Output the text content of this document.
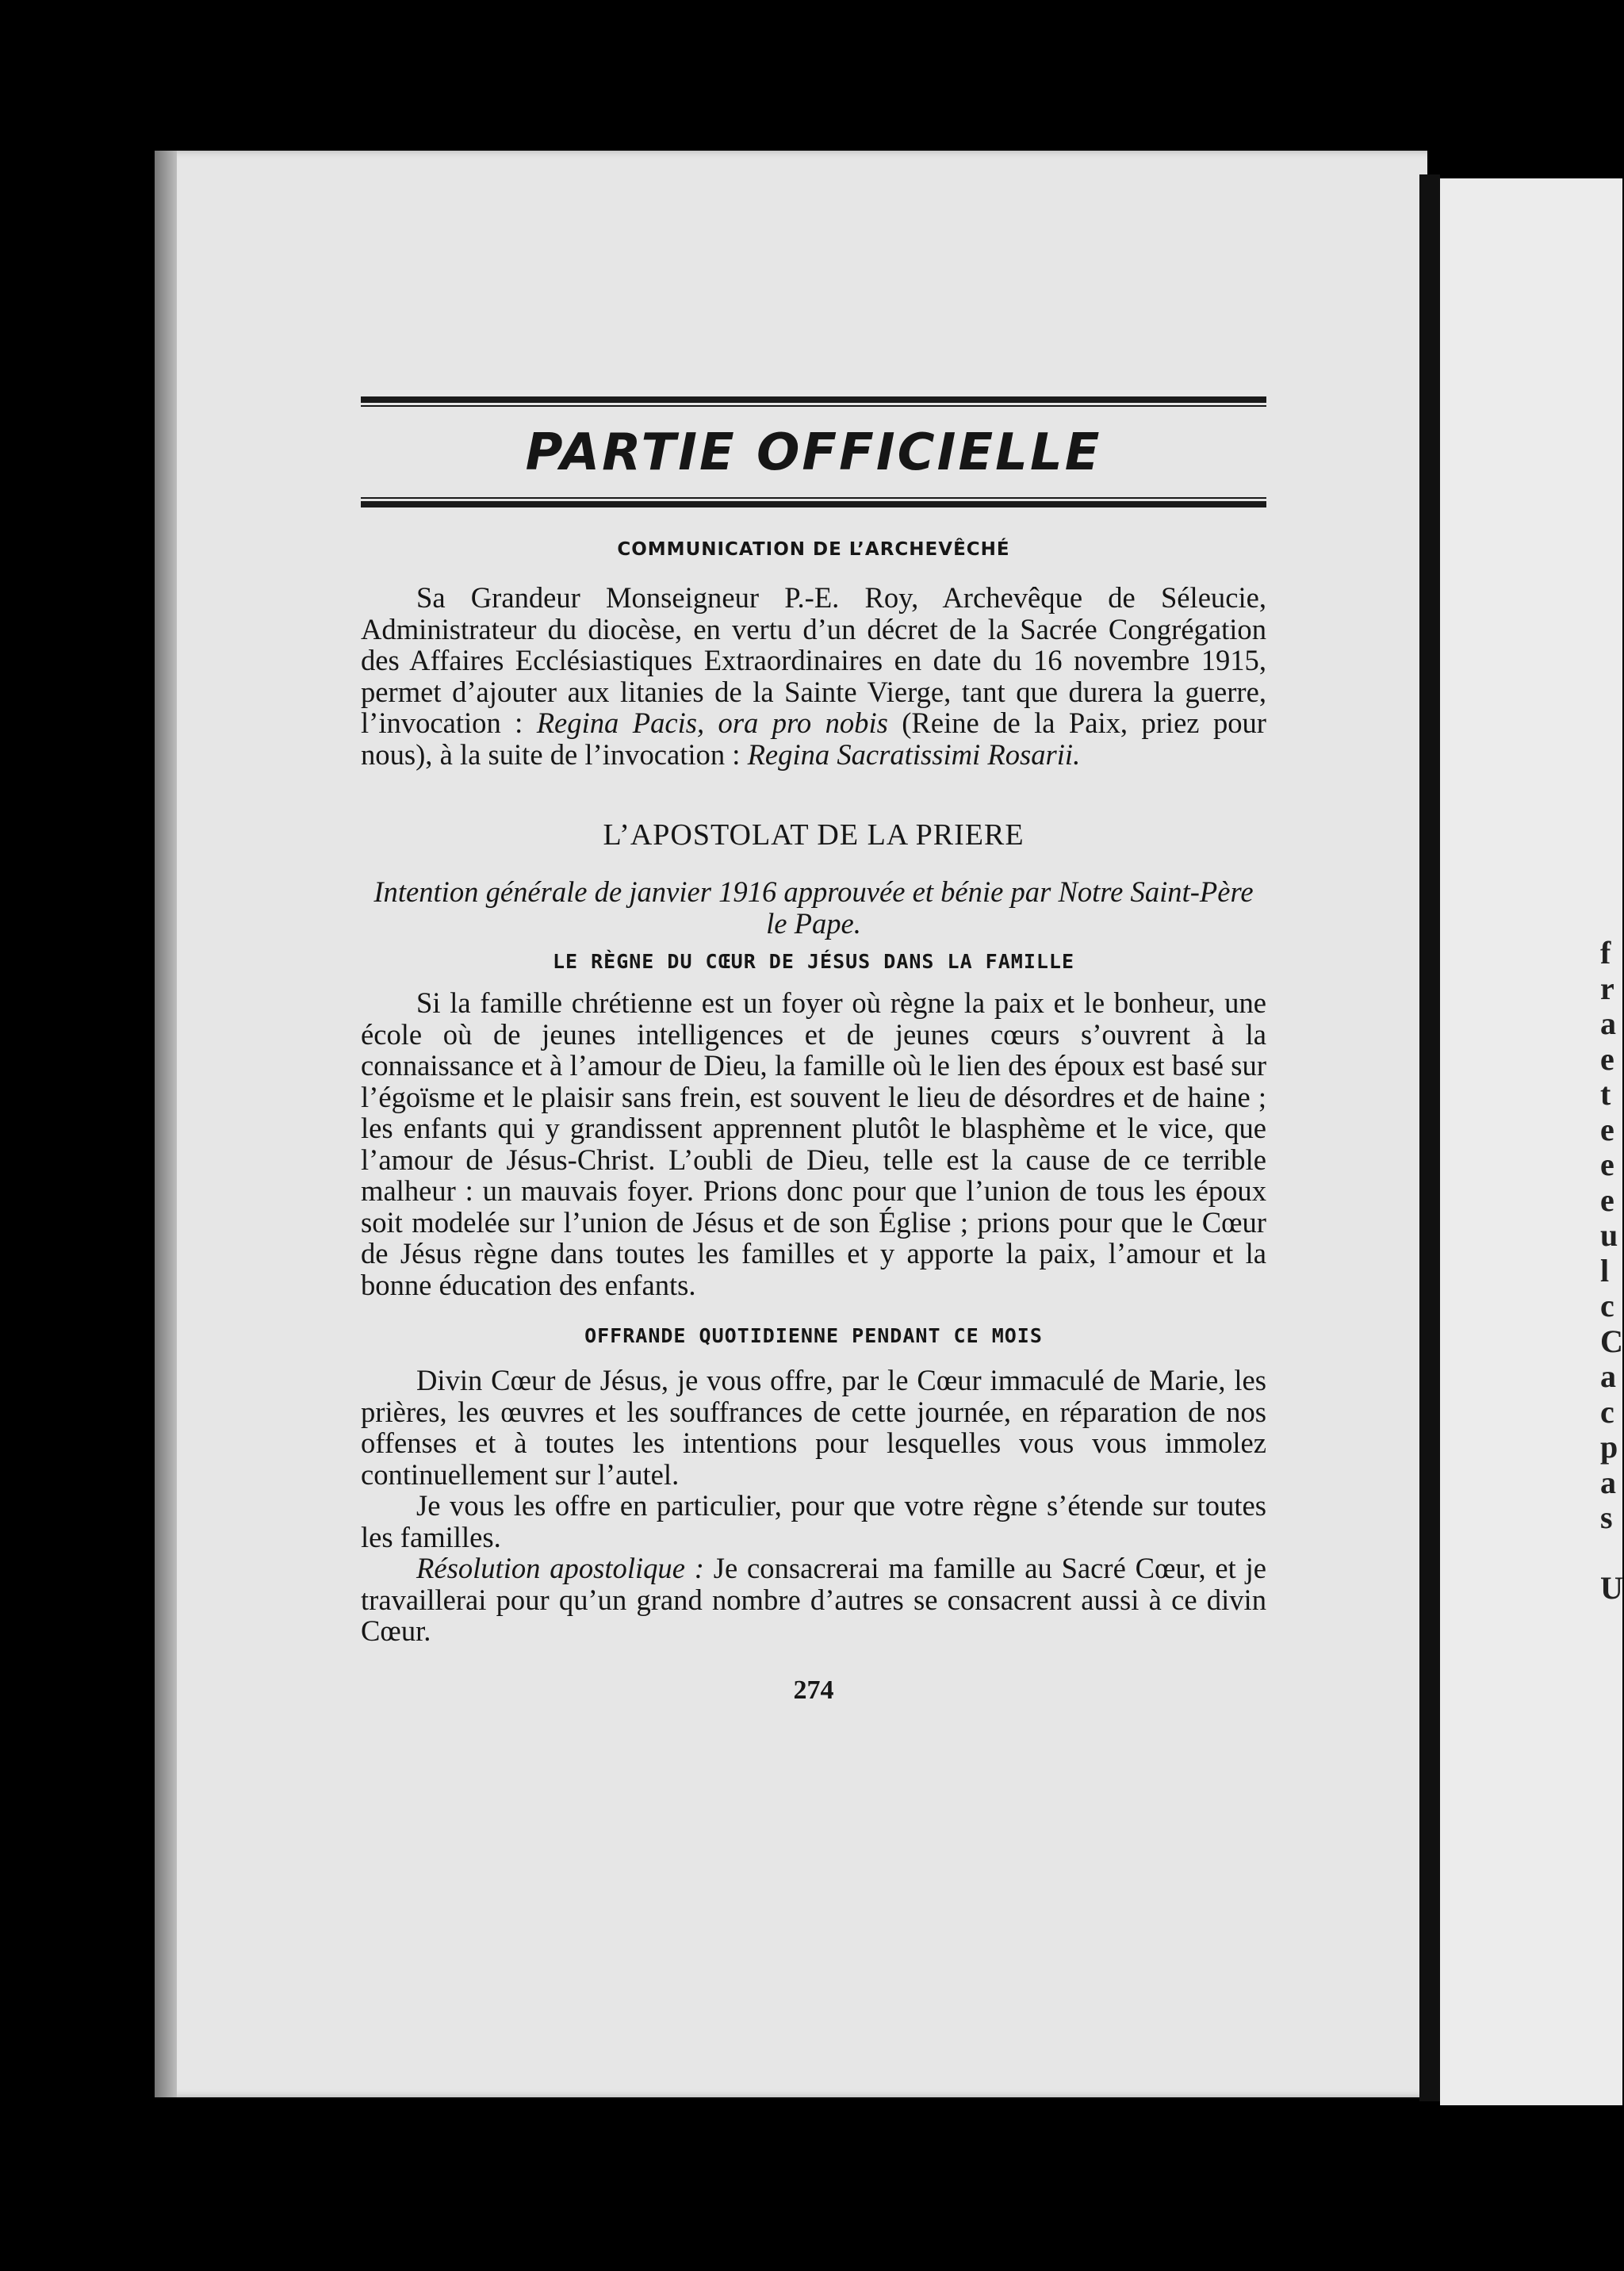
f
r
a
e
t
e
e
e
u
l
c
C
a
c
p
a
s
U
PARTIE OFFICIELLE
COMMUNICATION DE L’ARCHEVÊCHÉ

Sa Grandeur Monseigneur P.-E. Roy, Archevêque de Séleucie, Administrateur du diocèse, en vertu d’un décret de la Sacrée Congrégation des Affaires Ecclésiastiques Extraordinaires en date du 16 novembre 1915, permet d’ajouter aux litanies de la Sainte Vierge, tant que durera la guerre, l’invocation : Regina Pacis, ora pro nobis (Reine de la Paix, priez pour nous), à la suite de l’invocation : Regina Sacratissimi Rosarii.

L’APOSTOLAT DE LA PRIERE
Intention générale de janvier 1916 approuvée et bénie par Notre Saint-Père le Pape.
LE RÈGNE DU CŒUR DE JÉSUS DANS LA FAMILLE

Si la famille chrétienne est un foyer où règne la paix et le bonheur, une école où de jeunes intelligences et de jeunes cœurs s’ouvrent à la connaissance et à l’amour de Dieu, la famille où le lien des époux est basé sur l’égoïsme et le plaisir sans frein, est souvent le lieu de désordres et de haine ; les enfants qui y grandissent apprennent plutôt le blasphème et le vice, que l’amour de Jésus-Christ. L’oubli de Dieu, telle est la cause de ce terrible malheur : un mauvais foyer. Prions donc pour que l’union de tous les époux soit modelée sur l’union de Jésus et de son Église ; prions pour que le Cœur de Jésus règne dans toutes les familles et y apporte la paix, l’amour et la bonne éducation des enfants.

OFFRANDE QUOTIDIENNE PENDANT CE MOIS

Divin Cœur de Jésus, je vous offre, par le Cœur immaculé de Marie, les prières, les œuvres et les souffrances de cette journée, en réparation de nos offenses et à toutes les intentions pour lesquelles vous vous immolez continuellement sur l’autel.

Je vous les offre en particulier, pour que votre règne s’étende sur toutes les familles.

Résolution apostolique : Je consacrerai ma famille au Sacré Cœur, et je travaillerai pour qu’un grand nombre d’autres se consacrent aussi à ce divin Cœur.

274
